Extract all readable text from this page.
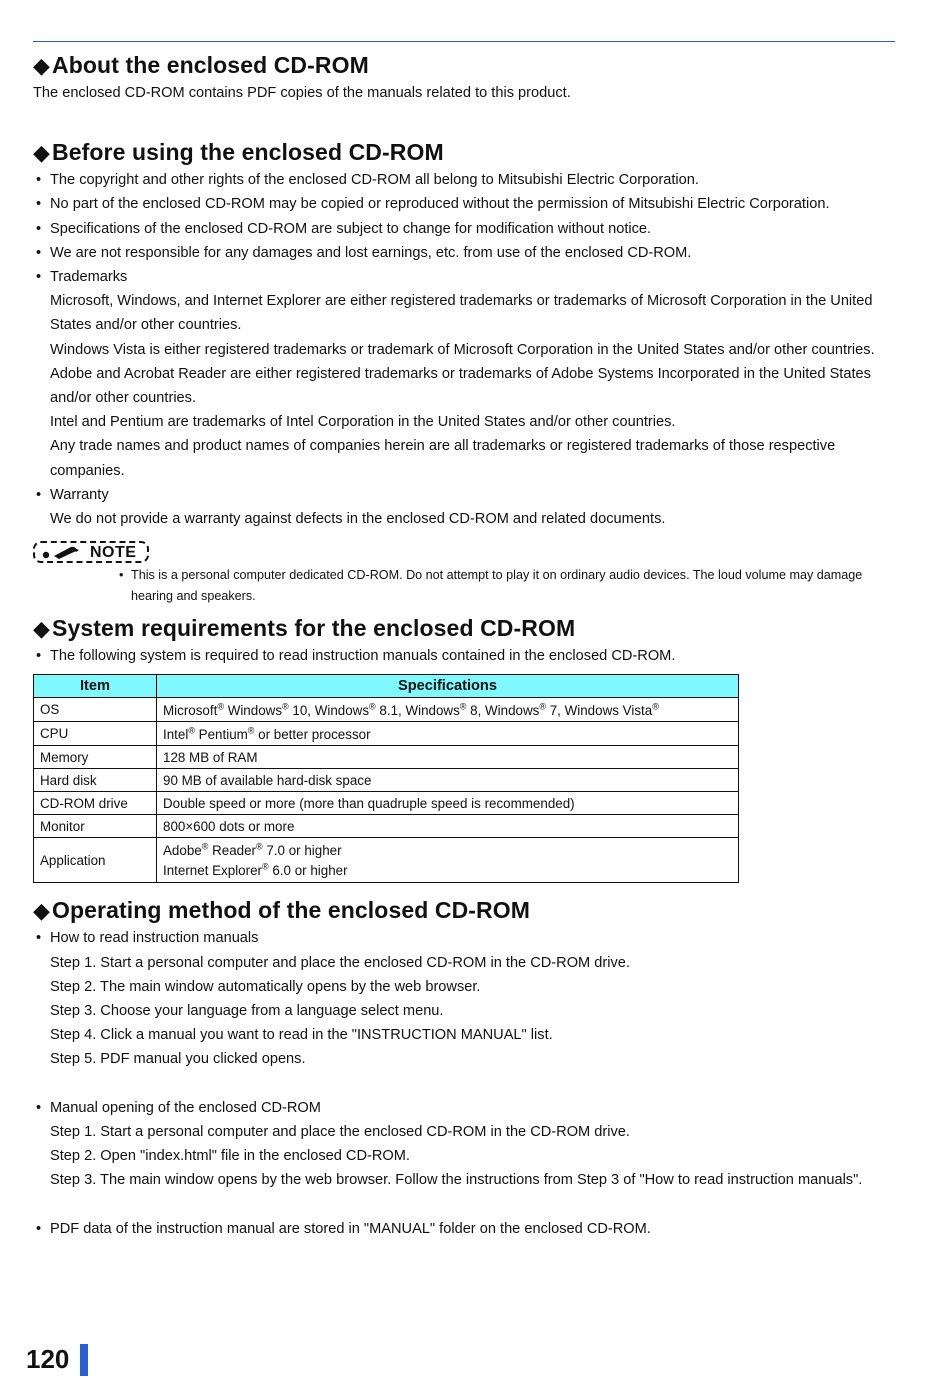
◆About the enclosed CD-ROM

The enclosed CD-ROM contains PDF copies of the manuals related to this product.

◆Before using the enclosed CD-ROM
• The copyright and other rights of the enclosed CD-ROM all belong to Mitsubishi Electric Corporation.
• No part of the enclosed CD-ROM may be copied or reproduced without the permission of Mitsubishi Electric Corporation.
• Specifications of the enclosed CD-ROM are subject to change for modification without notice.
• We are not responsible for any damages and lost earnings, etc. from use of the enclosed CD-ROM.
• Trademarks
Microsoft, Windows, and Internet Explorer are either registered trademarks or trademarks of Microsoft Corporation in the United States and/or other countries.
Windows Vista is either registered trademarks or trademark of Microsoft Corporation in the United States and/or other countries.
Adobe and Acrobat Reader are either registered trademarks or trademarks of Adobe Systems Incorporated in the United States and/or other countries.
Intel and Pentium are trademarks of Intel Corporation in the United States and/or other countries.
Any trade names and product names of companies herein are all trademarks or registered trademarks of those respective companies.
• Warranty
We do not provide a warranty against defects in the enclosed CD-ROM and related documents.
NOTE
• This is a personal computer dedicated CD-ROM. Do not attempt to play it on ordinary audio devices. The loud volume may damage hearing and speakers.
◆System requirements for the enclosed CD-ROM
• The following system is required to read instruction manuals contained in the enclosed CD-ROM.
Item	Specifications
OS	Microsoft® Windows® 10, Windows® 8.1, Windows® 8, Windows® 7, Windows Vista®
CPU	Intel® Pentium® or better processor
Memory	128 MB of RAM
Hard disk	90 MB of available hard-disk space
CD-ROM drive	Double speed or more (more than quadruple speed is recommended)
Monitor	800×600 dots or more
Application	Adobe® Reader® 7.0 or higher
Internet Explorer® 6.0 or higher
◆Operating method of the enclosed CD-ROM
• How to read instruction manuals
Step 1. Start a personal computer and place the enclosed CD-ROM in the CD-ROM drive.
Step 2. The main window automatically opens by the web browser.
Step 3. Choose your language from a language select menu.
Step 4. Click a manual you want to read in the "INSTRUCTION MANUAL" list.
Step 5. PDF manual you clicked opens.
• Manual opening of the enclosed CD-ROM
Step 1. Start a personal computer and place the enclosed CD-ROM in the CD-ROM drive.
Step 2. Open "index.html" file in the enclosed CD-ROM.
Step 3. The main window opens by the web browser. Follow the instructions from Step 3 of "How to read instruction manuals".
• PDF data of the instruction manual are stored in "MANUAL" folder on the enclosed CD-ROM.
120
